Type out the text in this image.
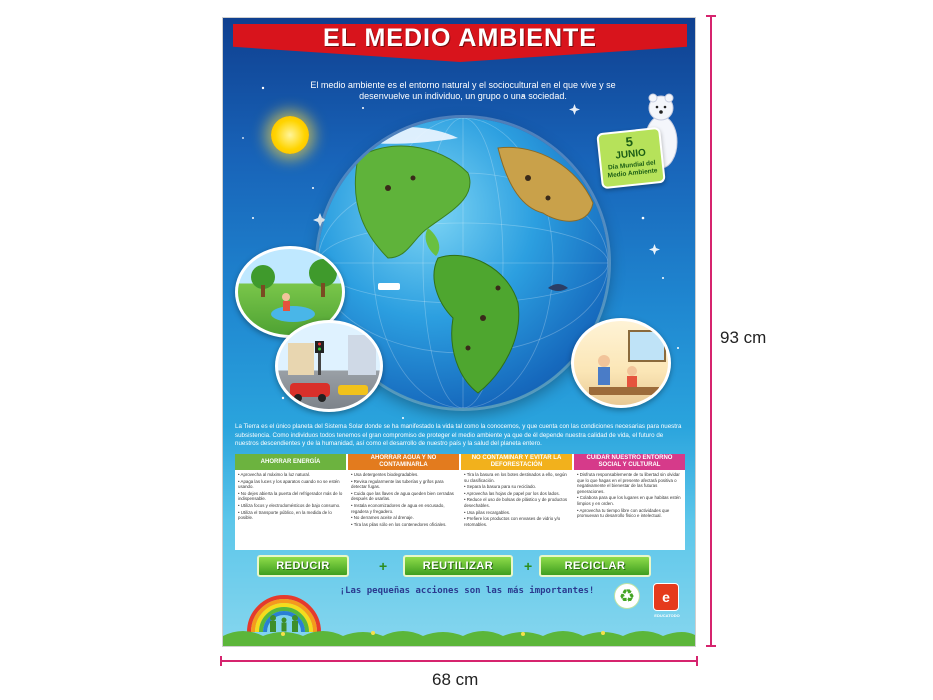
EL MEDIO AMBIENTE
El medio ambiente es el entorno natural y el sociocultural en el que vive y se desenvuelve un individuo, un grupo o una sociedad.
5
JUNIO
Día Mundial del Medio Ambiente
La Tierra es el único planeta del Sistema Solar donde se ha manifestado la vida tal como la conocemos, y que cuenta con las condiciones necesarias para nuestra subsistencia. Como individuos todos tenemos el gran compromiso de proteger el medio ambiente ya que de él depende nuestra calidad de vida, el futuro de nuestros descendientes y de la humanidad, así como el desarrollo de nuestro país y la salud del planeta entero.
AHORRAR ENERGÍA
• Aprovecha al máximo la luz natural.
• Apaga las luces y los aparatos cuando no se estén usando.
• No dejes abierta la puerta del refrigerador más de lo indispensable.
• Utiliza focos y electrodomésticos de bajo consumo.
• Utiliza el transporte público, en la medida de lo posible.
AHORRAR AGUA Y NO CONTAMINARLA
• Usa detergentes biodegradables.
• Revisa regularmente las tuberías y grifos para detectar fugas.
• Cuida que las llaves de agua queden bien cerradas después de usarlas.
• Instala economizadores de agua en escusado, regadera y fregadero.
• No derrames aceite al drenaje.
• Tira las pilas sólo en los contenedores oficiales.
NO CONTAMINAR Y EVITAR LA DEFORESTACIÓN
• Tira la basura en los botes destinados a ello, según su clasificación.
• Separa la basura para su reciclado.
• Aprovecha las hojas de papel por los dos lados.
• Reduce el uso de bolsas de plástico y de productos desechables.
• Usa pilas recargables.
• Prefiere los productos con envases de vidrio y/o retornables.
CUIDAR NUESTRO ENTORNO SOCIAL Y CULTURAL
• Disfruta responsablemente de tu libertad sin olvidar que lo que hagas en el presente afectará positiva o negativamente el bienestar de las futuras generaciones.
• Colabora para que los lugares en que habitas estén limpios y en orden.
• Aprovecha tu tiempo libre con actividades que promuevan tu desarrollo físico e intelectual.
REDUCIR	+	REUTILIZAR	+	RECICLAR
¡Las pequeñas acciones son las más importantes!	♻	e
EDUCATODO
93 cm
68 cm
